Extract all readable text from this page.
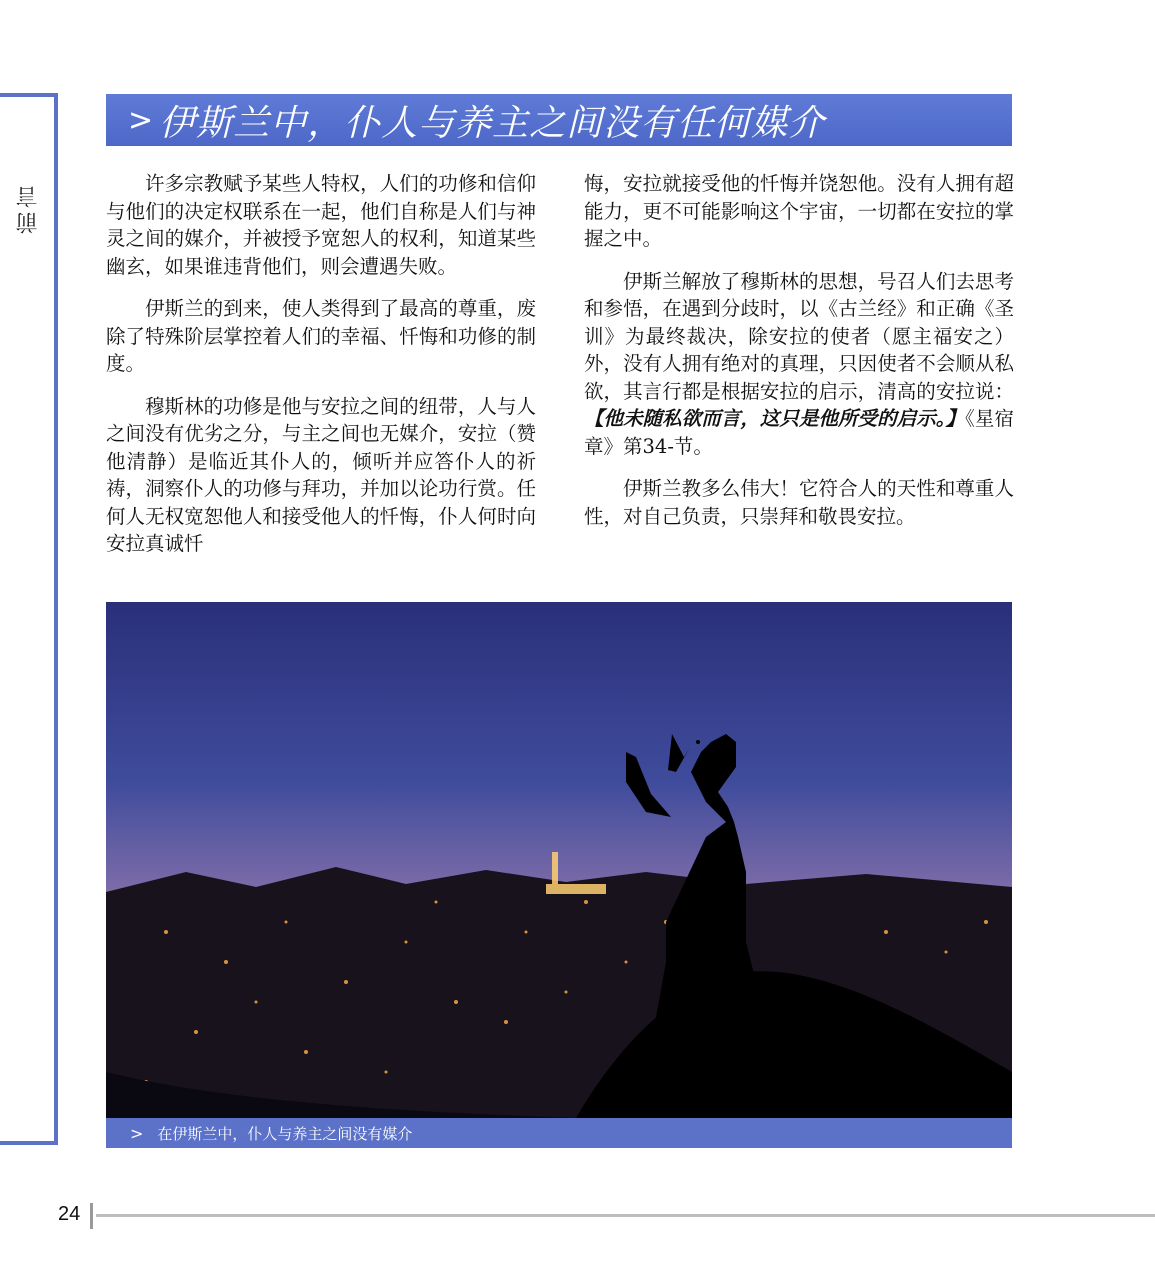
前言
> 伊斯兰中，仆人与养主之间没有任何媒介

许多宗教赋予某些人特权，人们的功修和信仰与他们的决定权联系在一起，他们自称是人们与神灵之间的媒介，并被授予宽恕人的权利，知道某些幽玄，如果谁违背他们，则会遭遇失败。

伊斯兰的到来，使人类得到了最高的尊重，废除了特殊阶层掌控着人们的幸福、忏悔和功修的制度。

穆斯林的功修是他与安拉之间的纽带，人与人之间没有优劣之分，与主之间也无媒介，安拉（赞他清静）是临近其仆人的，倾听并应答仆人的祈祷，洞察仆人的功修与拜功，并加以论功行赏。任何人无权宽恕他人和接受他人的忏悔，仆人何时向安拉真诚忏

悔，安拉就接受他的忏悔并饶恕他。没有人拥有超能力，更不可能影响这个宇宙，一切都在安拉的掌握之中。

伊斯兰解放了穆斯林的思想，号召人们去思考和参悟，在遇到分歧时，以《古兰经》和正确《圣训》为最终裁决，除安拉的使者（愿主福安之）外，没有人拥有绝对的真理，只因使者不会顺从私欲，其言行都是根据安拉的启示，清高的安拉说：【他未随私欲而言，这只是他所受的启示。】《星宿章》第34-节。

伊斯兰教多么伟大！它符合人的天性和尊重人性，对自己负责，只崇拜和敬畏安拉。

> 在伊斯兰中，仆人与养主之间没有媒介
24
